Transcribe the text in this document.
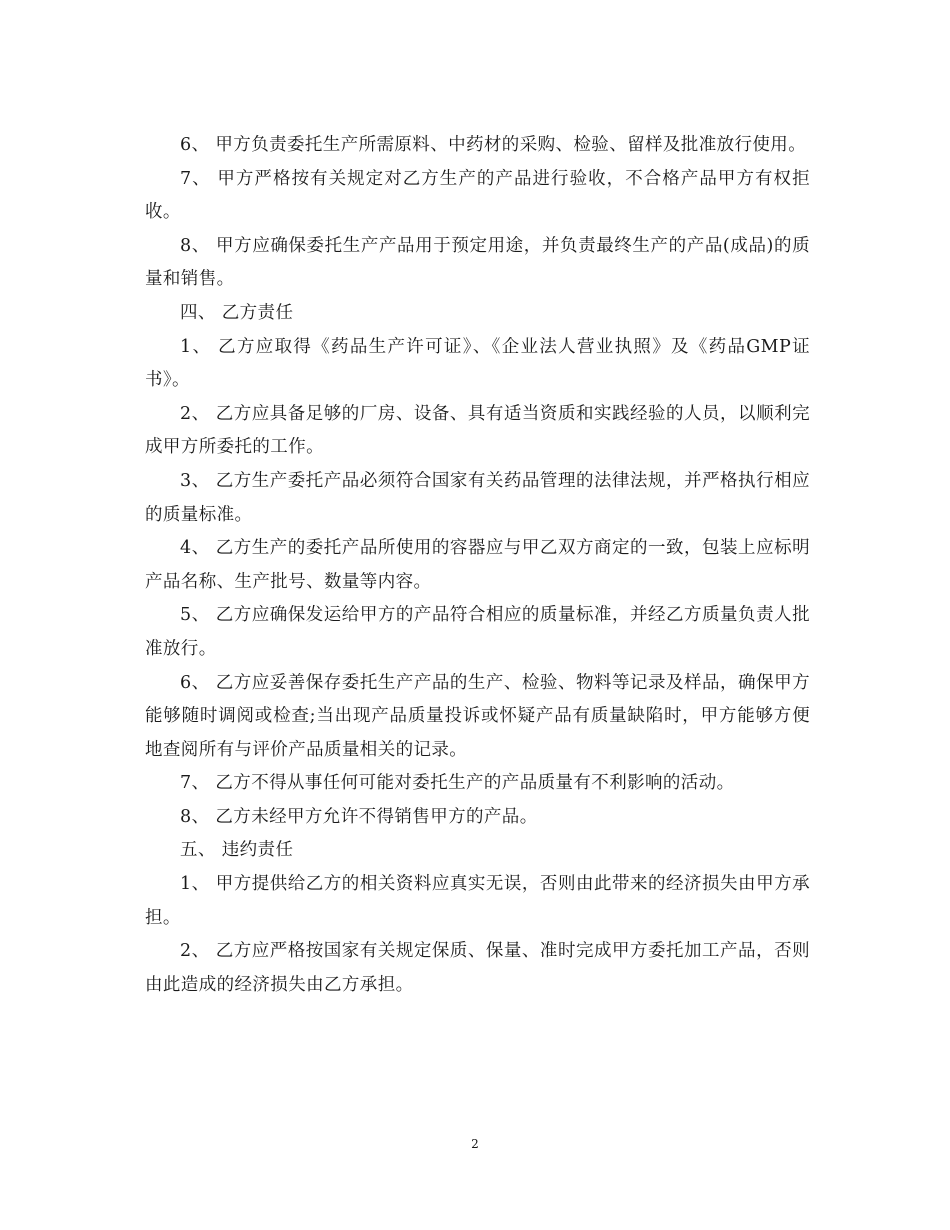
6、 甲方负责委托生产所需原料、中药材的采购、检验、留样及批准放行使用。

7、 甲方严格按有关规定对乙方生产的产品进行验收，不合格产品甲方有权拒收。

8、 甲方应确保委托生产产品用于预定用途，并负责最终生产的产品(成品)的质量和销售。

四、 乙方责任

1、 乙方应取得《药品生产许可证》、《企业法人营业执照》及《药品GMP证书》。

2、 乙方应具备足够的厂房、设备、具有适当资质和实践经验的人员，以顺利完成甲方所委托的工作。

3、 乙方生产委托产品必须符合国家有关药品管理的法律法规，并严格执行相应的质量标准。

4、 乙方生产的委托产品所使用的容器应与甲乙双方商定的一致，包装上应标明产品名称、生产批号、数量等内容。

5、 乙方应确保发运给甲方的产品符合相应的质量标准，并经乙方质量负责人批准放行。

6、 乙方应妥善保存委托生产产品的生产、检验、物料等记录及样品，确保甲方能够随时调阅或检查;当出现产品质量投诉或怀疑产品有质量缺陷时，甲方能够方便地查阅所有与评价产品质量相关的记录。

7、 乙方不得从事任何可能对委托生产的产品质量有不利影响的活动。

8、 乙方未经甲方允许不得销售甲方的产品。

五、 违约责任

1、 甲方提供给乙方的相关资料应真实无误，否则由此带来的经济损失由甲方承担。

2、 乙方应严格按国家有关规定保质、保量、准时完成甲方委托加工产品，否则由此造成的经济损失由乙方承担。

2
